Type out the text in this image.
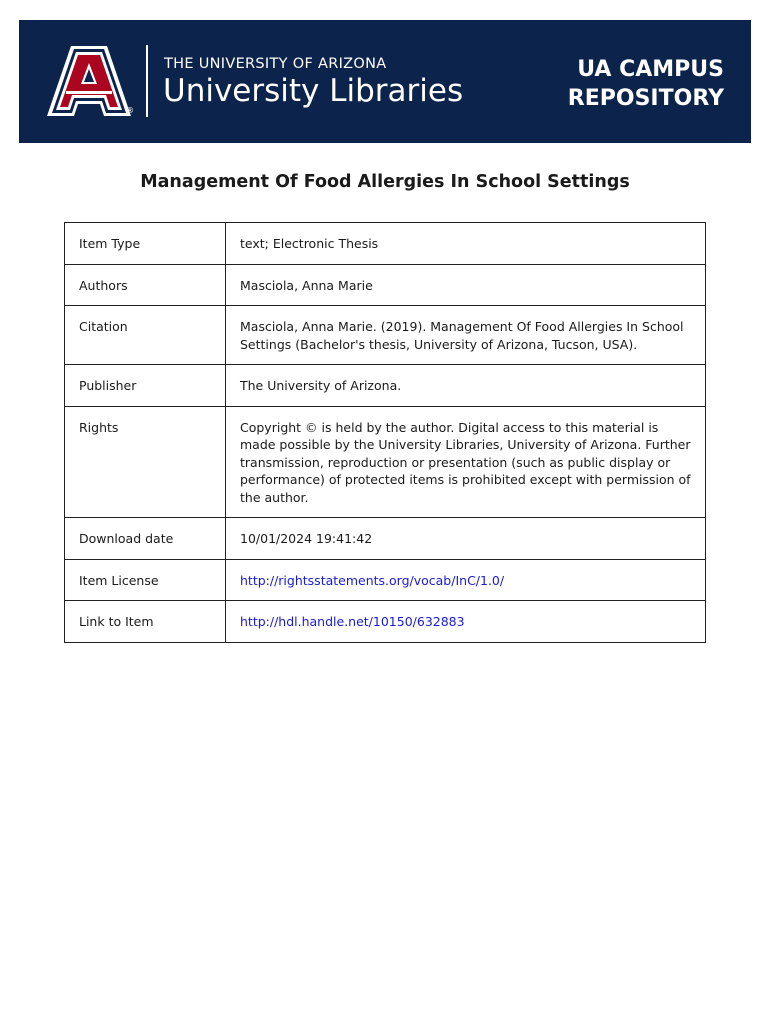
®
THE UNIVERSITY OF ARIZONA
University Libraries
UA CAMPUS
REPOSITORY
Management Of Food Allergies In School Settings
Item Type	text; Electronic Thesis
Authors	Masciola, Anna Marie
Citation	Masciola, Anna Marie. (2019). Management Of Food Allergies In School Settings (Bachelor's thesis, University of Arizona, Tucson, USA).
Publisher	The University of Arizona.
Rights	Copyright © is held by the author. Digital access to this material is made possible by the University Libraries, University of Arizona. Further transmission, reproduction or presentation (such as public display or performance) of protected items is prohibited except with permission of the author.
Download date	10/01/2024 19:41:42
Item License	http://rightsstatements.org/vocab/InC/1.0/
Link to Item	http://hdl.handle.net/10150/632883
